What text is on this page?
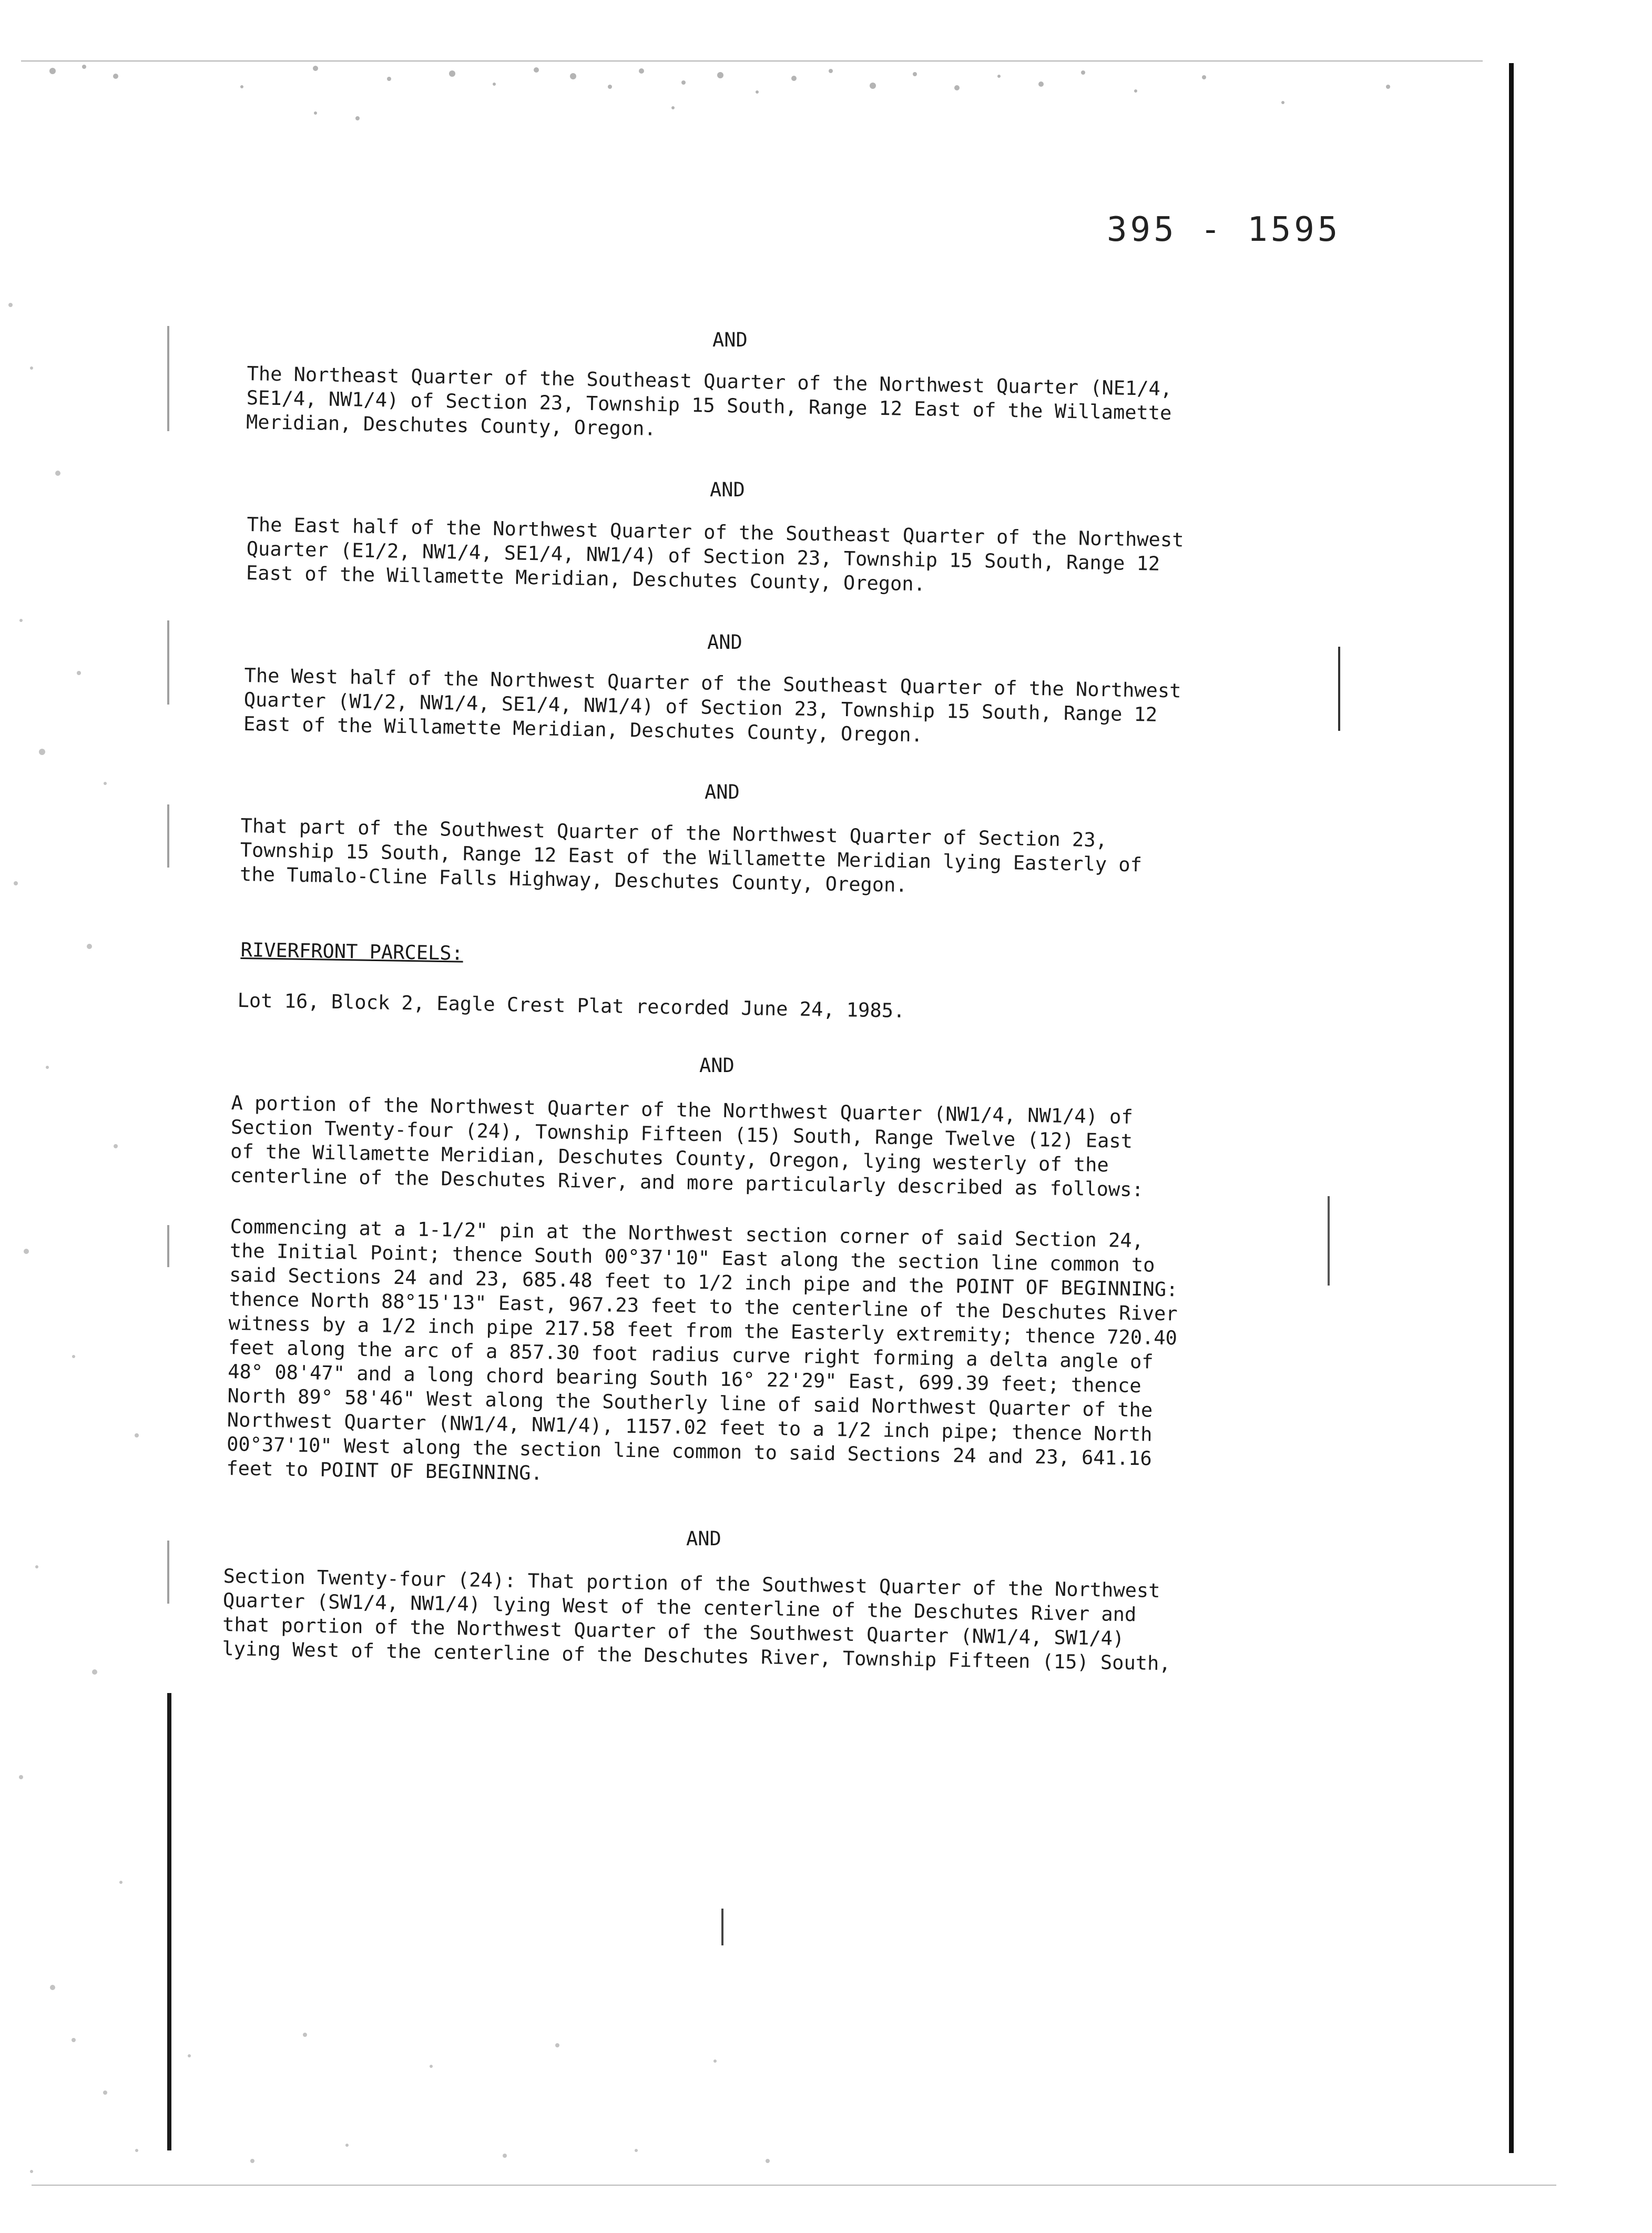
395 - 1595
AND
The Northeast Quarter of the Southeast Quarter of the Northwest Quarter (NE1/4,
SE1/4, NW1/4) of Section 23, Township 15 South, Range 12 East of the Willamette
Meridian, Deschutes County, Oregon.
AND
The East half of the Northwest Quarter of the Southeast Quarter of the Northwest
Quarter (E1/2, NW1/4, SE1/4, NW1/4) of Section 23, Township 15 South, Range 12
East of the Willamette Meridian, Deschutes County, Oregon.
AND
The West half of the Northwest Quarter of the Southeast Quarter of the Northwest
Quarter (W1/2, NW1/4, SE1/4, NW1/4) of Section 23, Township 15 South, Range 12
East of the Willamette Meridian, Deschutes County, Oregon.
AND
That part of the Southwest Quarter of the Northwest Quarter of Section 23,
Township 15 South, Range 12 East of the Willamette Meridian lying Easterly of
the Tumalo-Cline Falls Highway, Deschutes County, Oregon.
RIVERFRONT PARCELS:
Lot 16, Block 2, Eagle Crest Plat recorded June 24, 1985.
AND
A portion of the Northwest Quarter of the Northwest Quarter (NW1/4, NW1/4) of
Section Twenty-four (24), Township Fifteen (15) South, Range Twelve (12) East
of the Willamette Meridian, Deschutes County, Oregon, lying westerly of the
centerline of the Deschutes River, and more particularly described as follows:
Commencing at a 1-1/2" pin at the Northwest section corner of said Section 24,
the Initial Point; thence South 00°37'10" East along the section line common to
said Sections 24 and 23, 685.48 feet to 1/2 inch pipe and the POINT OF BEGINNING:
thence North 88°15'13" East, 967.23 feet to the centerline of the Deschutes River
witness by a 1/2 inch pipe 217.58 feet from the Easterly extremity; thence 720.40
feet along the arc of a 857.30 foot radius curve right forming a delta angle of
48° 08'47" and a long chord bearing South 16° 22'29" East, 699.39 feet; thence
North 89° 58'46" West along the Southerly line of said Northwest Quarter of the
Northwest Quarter (NW1/4, NW1/4), 1157.02 feet to a 1/2 inch pipe; thence North
00°37'10" West along the section line common to said Sections 24 and 23, 641.16
feet to POINT OF BEGINNING.
AND
Section Twenty-four (24): That portion of the Southwest Quarter of the Northwest
Quarter (SW1/4, NW1/4) lying West of the centerline of the Deschutes River and
that portion of the Northwest Quarter of the Southwest Quarter (NW1/4, SW1/4)
lying West of the centerline of the Deschutes River, Township Fifteen (15) South,
